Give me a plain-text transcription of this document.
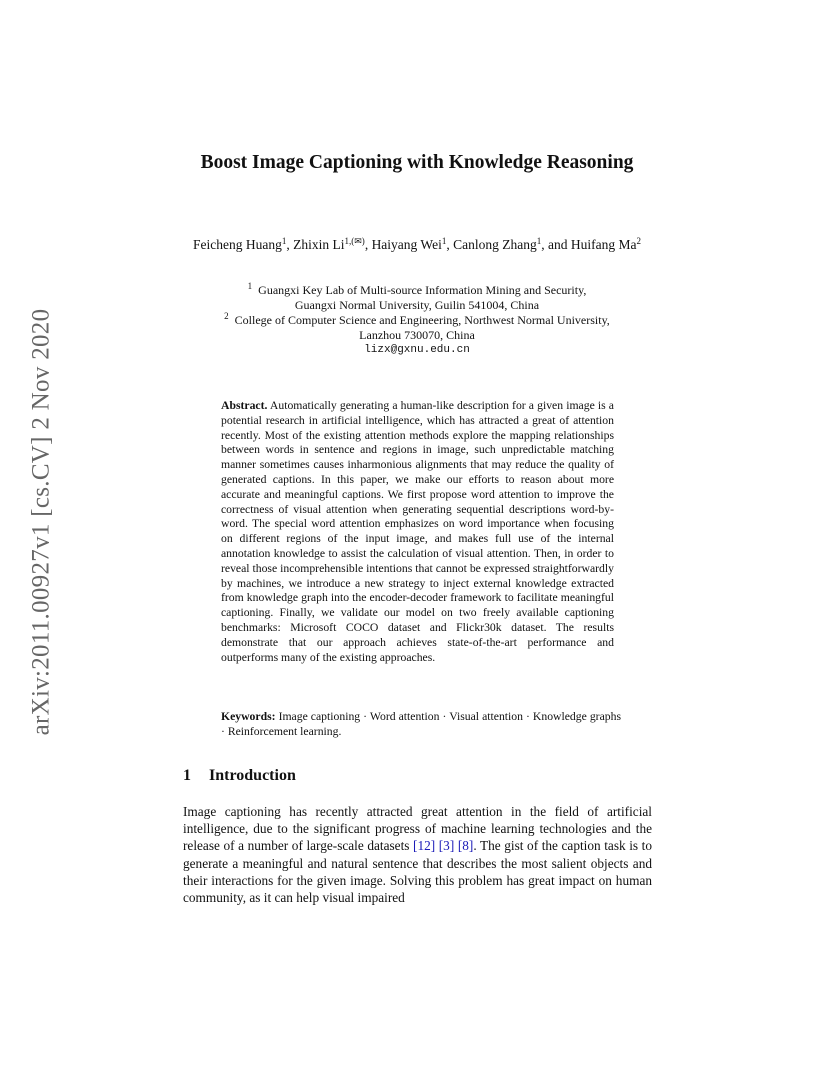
arXiv:2011.00927v1 [cs.CV] 2 Nov 2020
Boost Image Captioning with Knowledge Reasoning
Feicheng Huang$^1$, Zhixin $Li^{1,(✉)}$, Haiyang Wei$^1$, Canlong Zhang$^1$, and Huifang Ma$^2$
$^1$ Guangxi Key Lab of Multi-source Information Mining and Security,
Guangxi Normal University, Guilin 541004, China
$^2$ College of Computer Science and Engineering, Northwest Normal University,
Lanzhou 730070, China
lizx@gxnu.edu.cn
Abstract. Automatically generating a human-like description for a given image is a potential research in artificial intelligence, which has attracted a great of attention recently. Most of the existing attention methods explore the mapping relationships between words in sentence and regions in image, such unpredictable matching manner sometimes causes inharmonious alignments that may reduce the quality of generated captions. In this paper, we make our efforts to reason about more accurate and meaningful captions. We first propose word attention to improve the correctness of visual attention when generating sequential descriptions word-by-word. The special word attention emphasizes on word importance when focusing on different regions of the input image, and makes full use of the internal annotation knowledge to assist the calculation of visual attention. Then, in order to reveal those incomprehensible intentions that cannot be expressed straightforwardly by machines, we introduce a new strategy to inject external knowledge extracted from knowledge graph into the encoder-decoder framework to facilitate meaningful captioning. Finally, we validate our model on two freely available captioning benchmarks: Microsoft COCO dataset and Flickr30k dataset. The results demonstrate that our approach achieves state-of-the-art performance and outperforms many of the existing approaches.
Keywords: Image captioning · Word attention · Visual attention · Knowledge graphs · Reinforcement learning.
1 Introduction
Image captioning has recently attracted great attention in the field of artificial intelligence, due to the significant progress of machine learning technologies and the release of a number of large-scale datasets [12] [3] [8]. The gist of the caption task is to generate a meaningful and natural sentence that describes the most salient objects and their interactions for the given image. Solving this problem has great impact on human community, as it can help visual impaired
